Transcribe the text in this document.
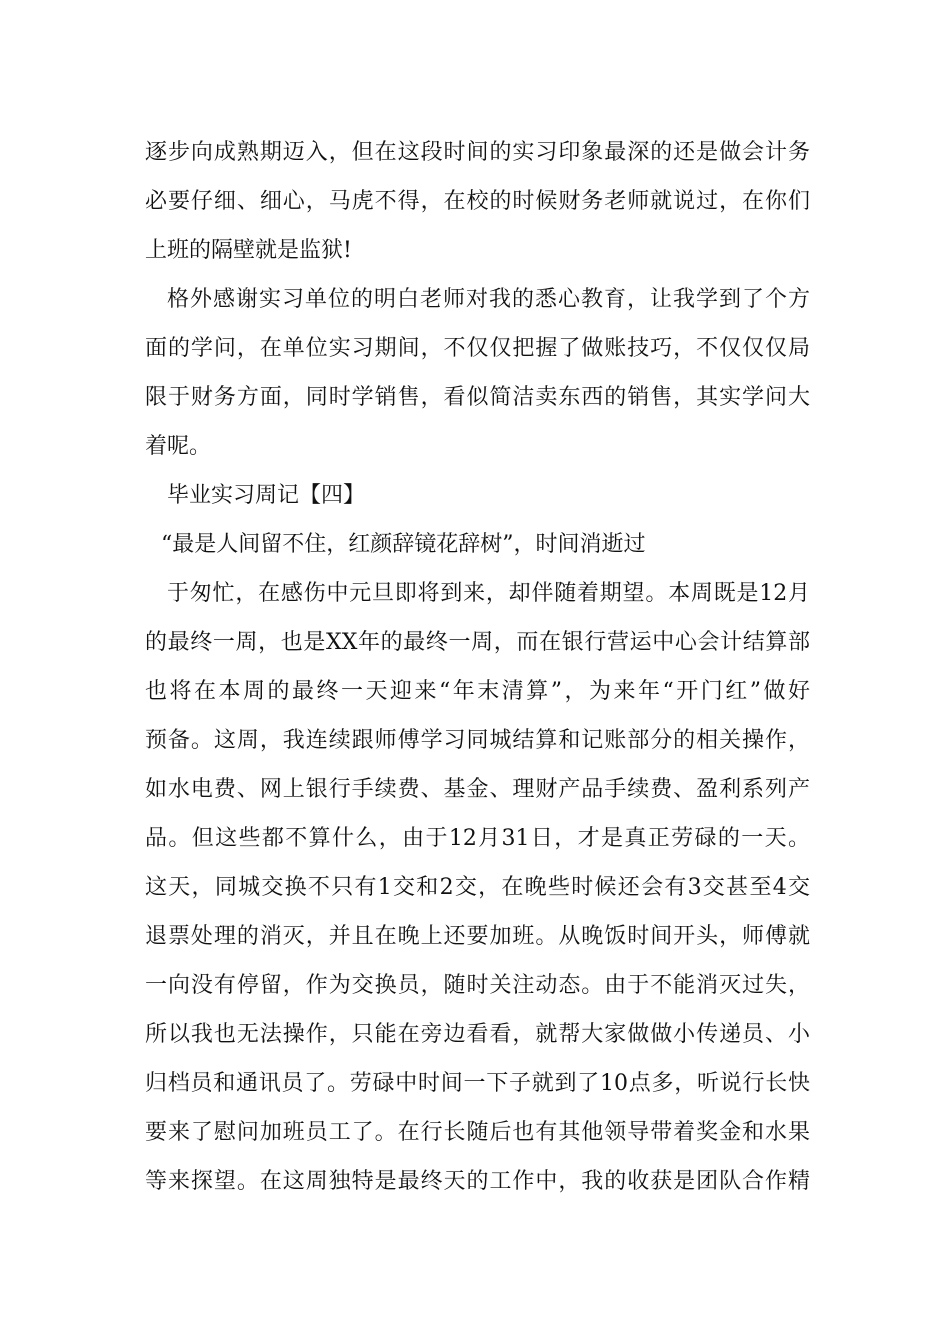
逐步向成熟期迈入，但在这段时间的实习印象最深的还是做会计务
必要仔细、细心，马虎不得，在校的时候财务老师就说过，在你们
上班的隔壁就是监狱!
格外感谢实习单位的明白老师对我的悉心教育，让我学到了个方
面的学问，在单位实习期间，不仅仅把握了做账技巧，不仅仅仅局
限于财务方面，同时学销售，看似简洁卖东西的销售，其实学问大
着呢。
毕业实习周记【四】
“最是人间留不住，红颜辞镜花辞树”，时间消逝过
于匆忙，在感伤中元旦即将到来，却伴随着期望。本周既是12月
的最终一周，也是XX年的最终一周，而在银行营运中心会计结算部
也将在本周的最终一天迎来“年末清算”，为来年“开门红”做好
预备。这周，我连续跟师傅学习同城结算和记账部分的相关操作，
如水电费、网上银行手续费、基金、理财产品手续费、盈利系列产
品。但这些都不算什么，由于12月31日，才是真正劳碌的一天。
这天，同城交换不只有1交和2交，在晚些时候还会有3交甚至4交
退票处理的消灭，并且在晚上还要加班。从晚饭时间开头，师傅就
一向没有停留，作为交换员，随时关注动态。由于不能消灭过失，
所以我也无法操作，只能在旁边看看，就帮大家做做小传递员、小
归档员和通讯员了。劳碌中时间一下子就到了10点多，听说行长快
要来了慰问加班员工了。在行长随后也有其他领导带着奖金和水果
等来探望。在这周独特是最终天的工作中，我的收获是团队合作精
